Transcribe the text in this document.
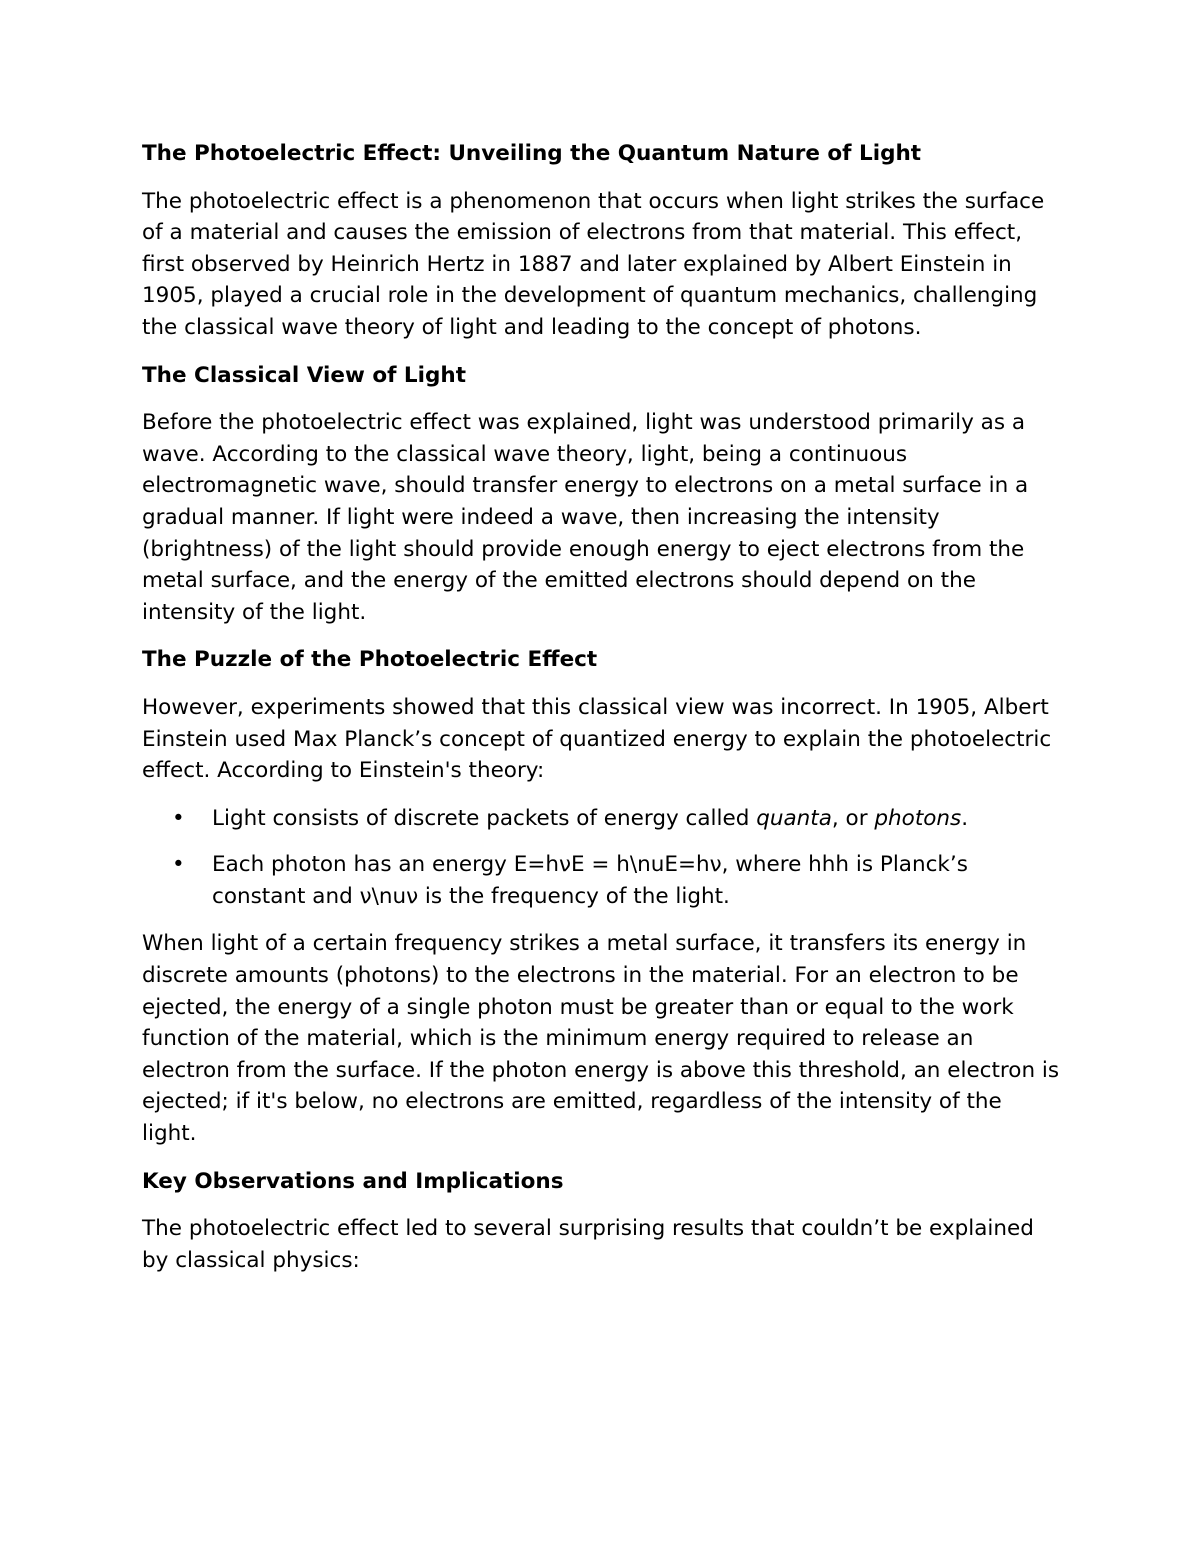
The Photoelectric Effect: Unveiling the Quantum Nature of Light

The photoelectric effect is a phenomenon that occurs when light strikes the surface of a material and causes the emission of electrons from that material. This effect, first observed by Heinrich Hertz in 1887 and later explained by Albert Einstein in 1905, played a crucial role in the development of quantum mechanics, challenging the classical wave theory of light and leading to the concept of photons.

The Classical View of Light

Before the photoelectric effect was explained, light was understood primarily as a wave. According to the classical wave theory, light, being a continuous electromagnetic wave, should transfer energy to electrons on a metal surface in a gradual manner. If light were indeed a wave, then increasing the intensity (brightness) of the light should provide enough energy to eject electrons from the metal surface, and the energy of the emitted electrons should depend on the intensity of the light.

The Puzzle of the Photoelectric Effect

However, experiments showed that this classical view was incorrect. In 1905, Albert Einstein used Max Planck’s concept of quantized energy to explain the photoelectric effect. According to Einstein's theory:

• Light consists of discrete packets of energy called quanta, or photons.
• Each photon has an energy E=hνE = h\nuE=hν, where hhh is Planck’s constant and ν\nuν is the frequency of the light.

When light of a certain frequency strikes a metal surface, it transfers its energy in discrete amounts (photons) to the electrons in the material. For an electron to be ejected, the energy of a single photon must be greater than or equal to the work function of the material, which is the minimum energy required to release an electron from the surface. If the photon energy is above this threshold, an electron is ejected; if it's below, no electrons are emitted, regardless of the intensity of the light.

Key Observations and Implications

The photoelectric effect led to several surprising results that couldn’t be explained by classical physics:
